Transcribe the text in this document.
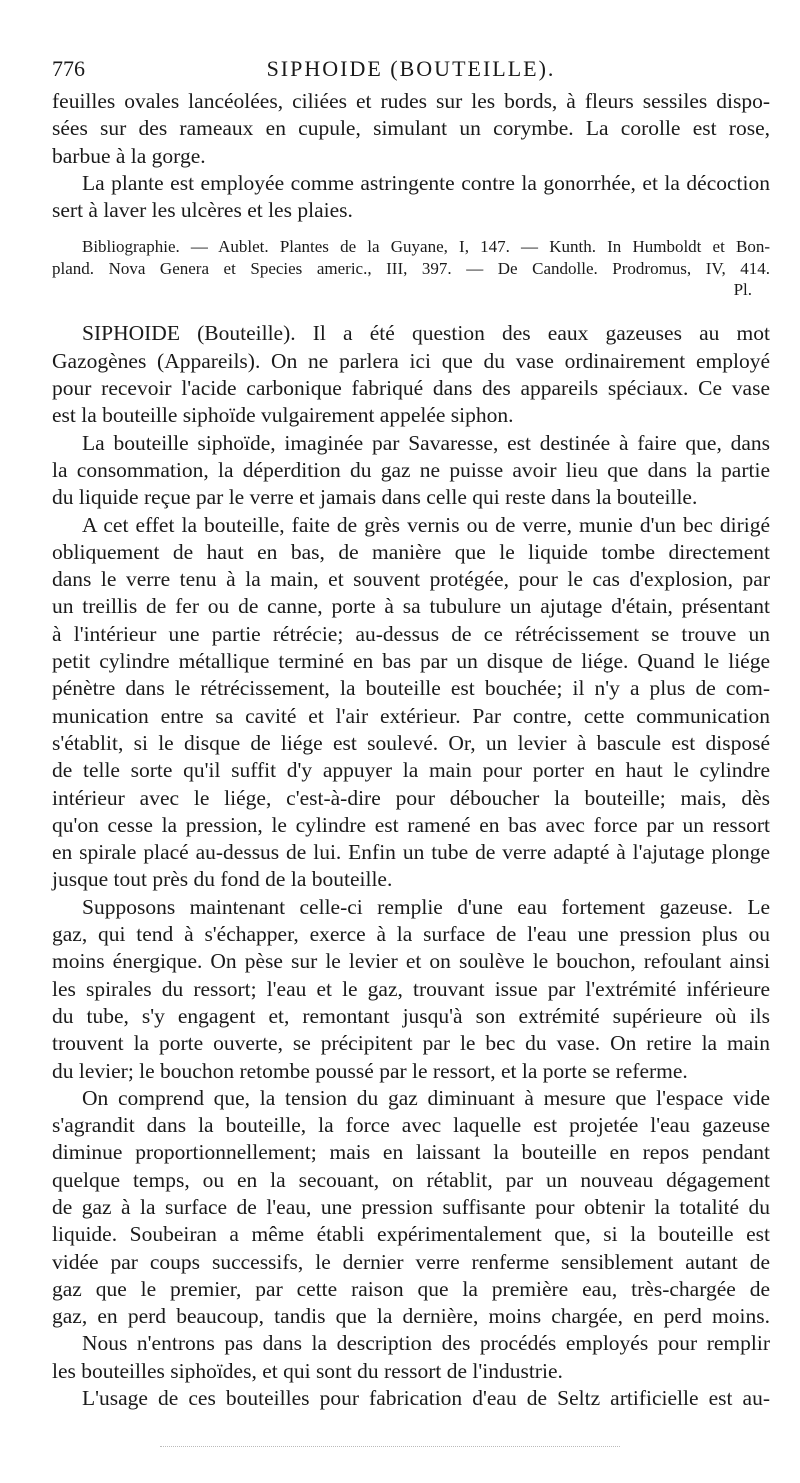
776	SIPHOIDE (BOUTEILLE).
feuilles ovales lancéolées, ciliées et rudes sur les bords, à fleurs sessiles dispo-
sées sur des rameaux en cupule, simulant un corymbe. La corolle est rose,
barbue à la gorge.
La plante est employée comme astringente contre la gonorrhée, et la décoction
sert à laver les ulcères et les plaies.
Bibliographie. — Aublet. Plantes de la Guyane, I, 147. — Kunth. In Humboldt et Bon-
pland. Nova Genera et Species americ., III, 397. — De Candolle. Prodromus, IV, 414.
Pl.
SIPHOIDE (Bouteille). Il a été question des eaux gazeuses au mot
Gazogènes (Appareils). On ne parlera ici que du vase ordinairement employé
pour recevoir l'acide carbonique fabriqué dans des appareils spéciaux. Ce vase
est la bouteille siphoïde vulgairement appelée siphon.
La bouteille siphoïde, imaginée par Savaresse, est destinée à faire que, dans
la consommation, la déperdition du gaz ne puisse avoir lieu que dans la partie
du liquide reçue par le verre et jamais dans celle qui reste dans la bouteille.
A cet effet la bouteille, faite de grès vernis ou de verre, munie d'un bec dirigé
obliquement de haut en bas, de manière que le liquide tombe directement
dans le verre tenu à la main, et souvent protégée, pour le cas d'explosion, par
un treillis de fer ou de canne, porte à sa tubulure un ajutage d'étain, présentant
à l'intérieur une partie rétrécie; au-dessus de ce rétrécissement se trouve un
petit cylindre métallique terminé en bas par un disque de liége. Quand le liége
pénètre dans le rétrécissement, la bouteille est bouchée; il n'y a plus de com-
munication entre sa cavité et l'air extérieur. Par contre, cette communication
s'établit, si le disque de liége est soulevé. Or, un levier à bascule est disposé
de telle sorte qu'il suffit d'y appuyer la main pour porter en haut le cylindre
intérieur avec le liége, c'est-à-dire pour déboucher la bouteille; mais, dès
qu'on cesse la pression, le cylindre est ramené en bas avec force par un ressort
en spirale placé au-dessus de lui. Enfin un tube de verre adapté à l'ajutage plonge
jusque tout près du fond de la bouteille.
Supposons maintenant celle-ci remplie d'une eau fortement gazeuse. Le
gaz, qui tend à s'échapper, exerce à la surface de l'eau une pression plus ou
moins énergique. On pèse sur le levier et on soulève le bouchon, refoulant ainsi
les spirales du ressort; l'eau et le gaz, trouvant issue par l'extrémité inférieure
du tube, s'y engagent et, remontant jusqu'à son extrémité supérieure où ils
trouvent la porte ouverte, se précipitent par le bec du vase. On retire la main
du levier; le bouchon retombe poussé par le ressort, et la porte se referme.
On comprend que, la tension du gaz diminuant à mesure que l'espace vide
s'agrandit dans la bouteille, la force avec laquelle est projetée l'eau gazeuse
diminue proportionnellement; mais en laissant la bouteille en repos pendant
quelque temps, ou en la secouant, on rétablit, par un nouveau dégagement
de gaz à la surface de l'eau, une pression suffisante pour obtenir la totalité du
liquide. Soubeiran a même établi expérimentalement que, si la bouteille est
vidée par coups successifs, le dernier verre renferme sensiblement autant de
gaz que le premier, par cette raison que la première eau, très-chargée de
gaz, en perd beaucoup, tandis que la dernière, moins chargée, en perd moins.
Nous n'entrons pas dans la description des procédés employés pour remplir
les bouteilles siphoïdes, et qui sont du ressort de l'industrie.
L'usage de ces bouteilles pour fabrication d'eau de Seltz artificielle est au-
